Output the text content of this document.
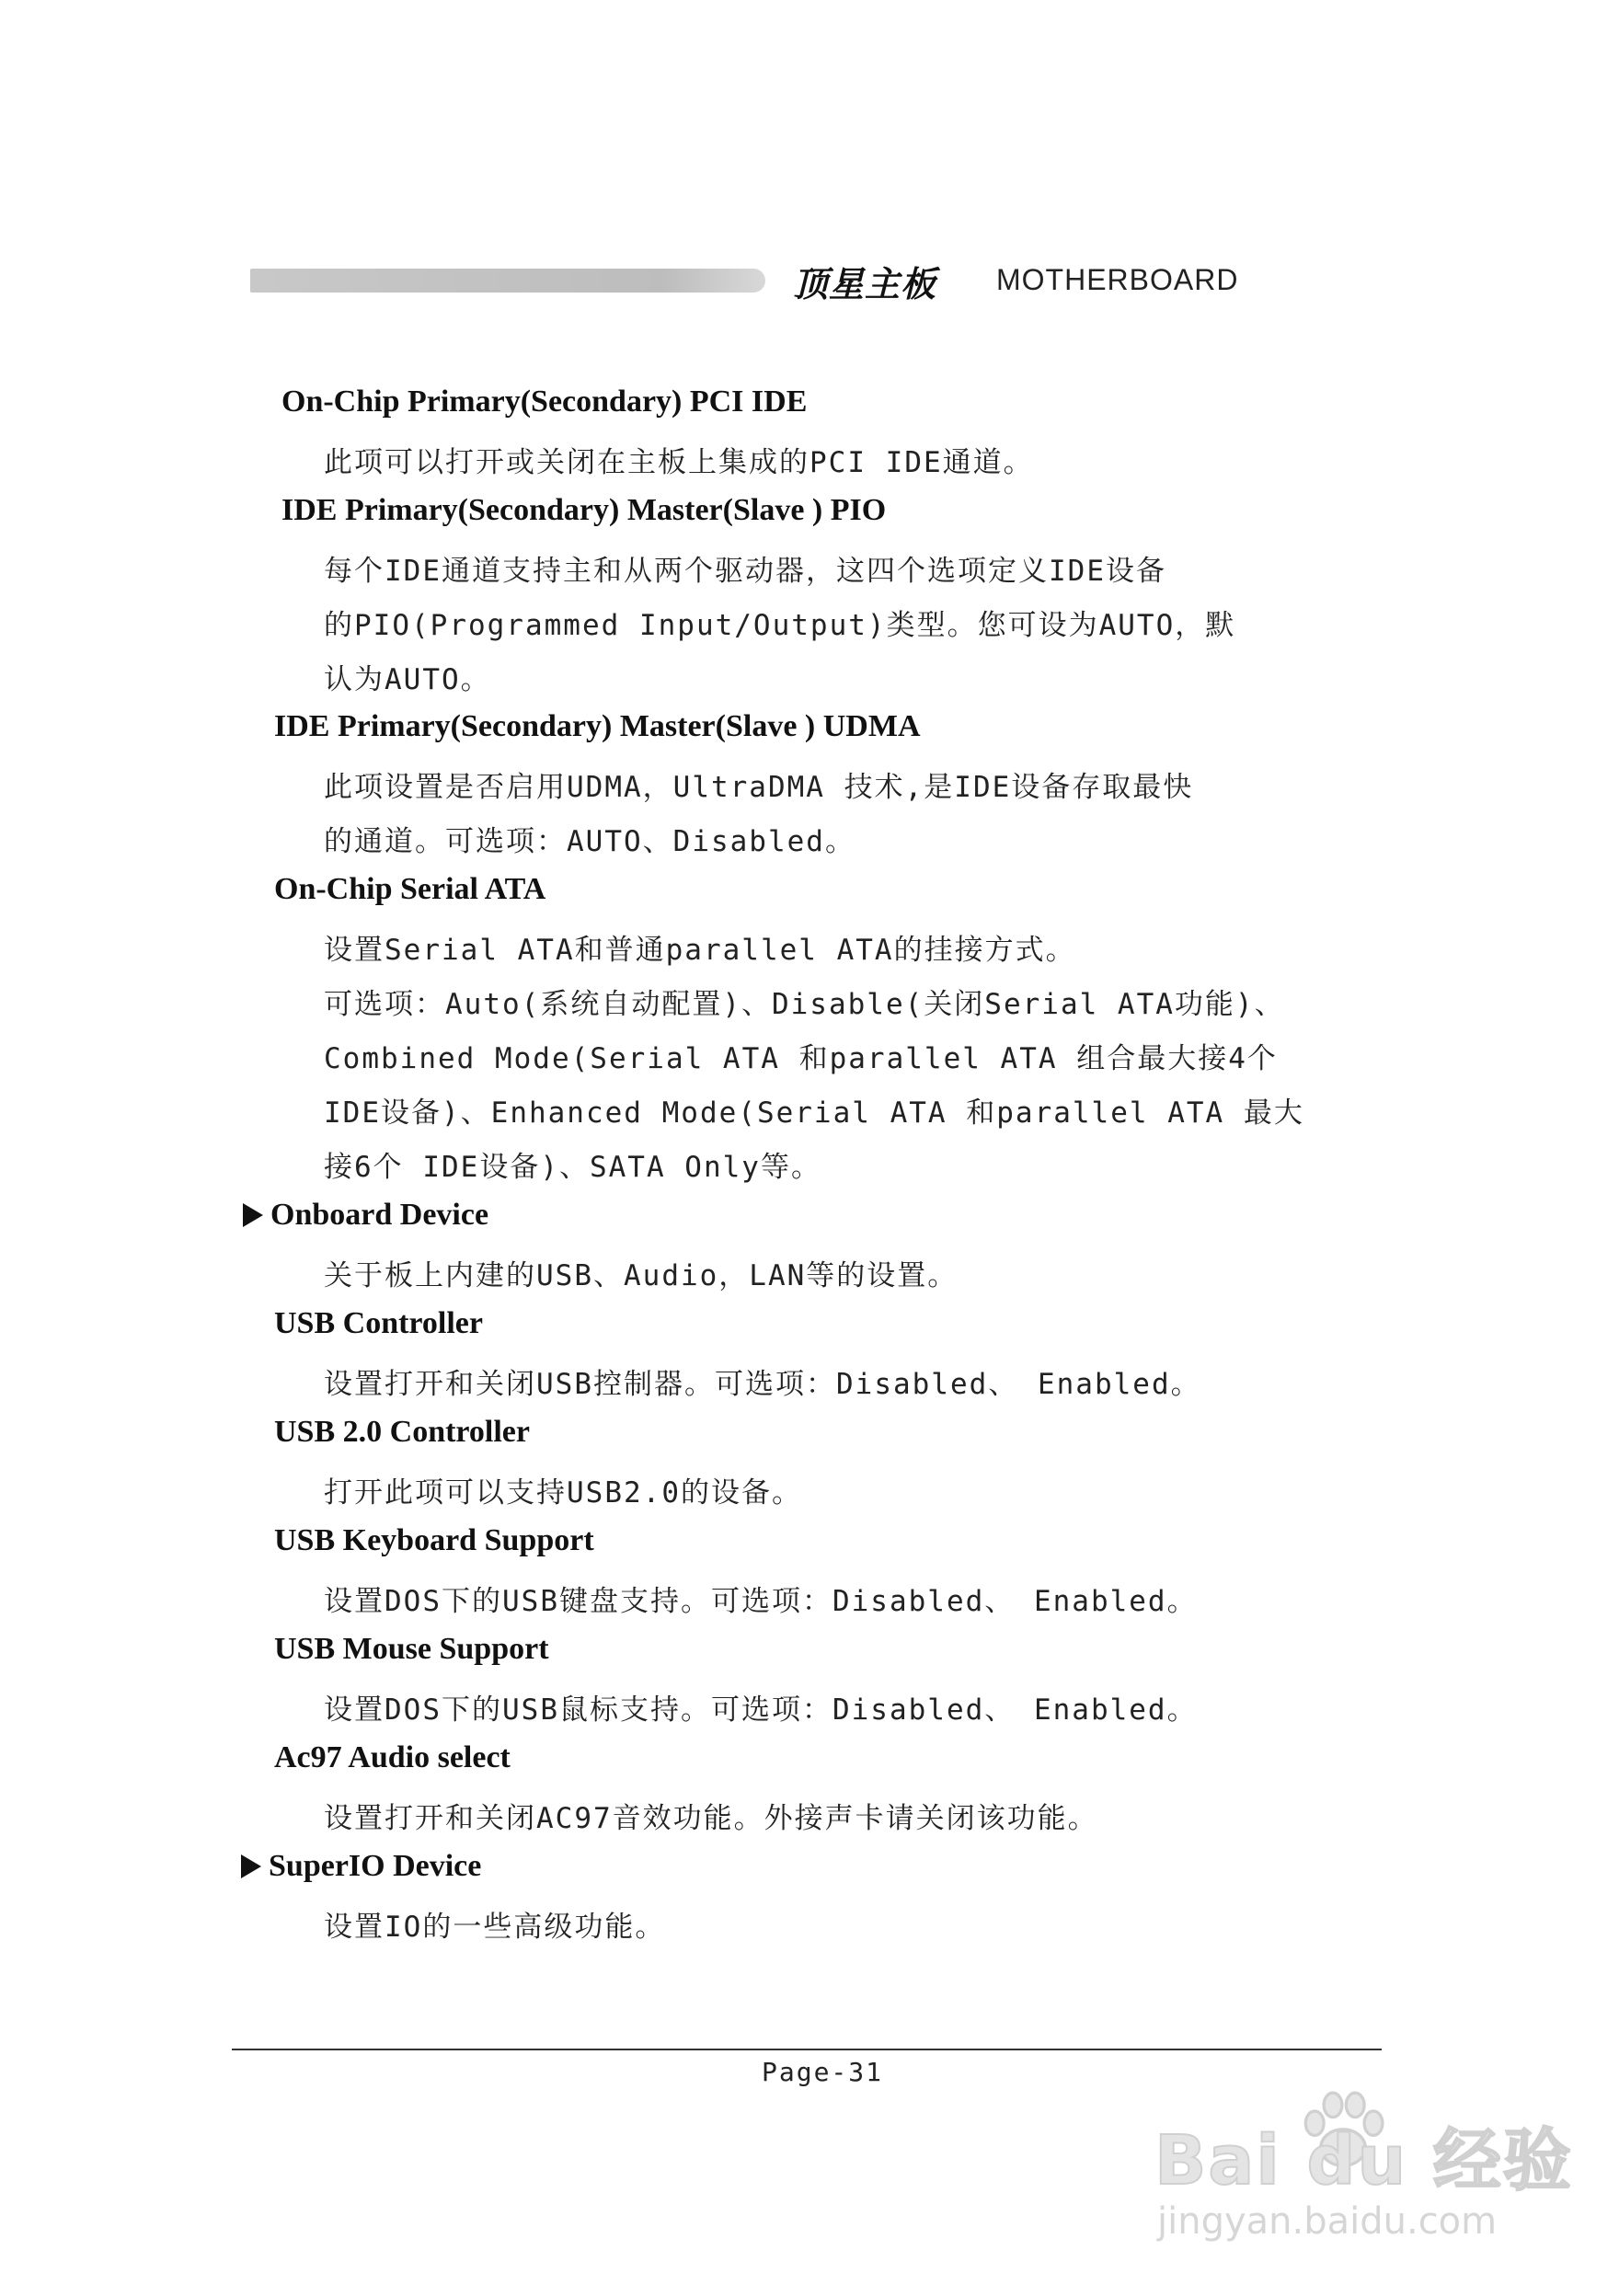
顶星主板 MOTHERBOARD
On-Chip Primary(Secondary) PCI IDE
此项可以打开或关闭在主板上集成的PCI IDE通道。
IDE Primary(Secondary) Master(Slave ) PIO
每个IDE通道支持主和从两个驱动器，这四个选项定义IDE设备
的PIO(Programmed Input/Output)类型。您可设为AUTO，默
认为AUTO。
IDE Primary(Secondary) Master(Slave ) UDMA
此项设置是否启用UDMA，UltraDMA 技术,是IDE设备存取最快
的通道。可选项：AUTO、Disabled。
On-Chip Serial ATA
设置Serial ATA和普通parallel ATA的挂接方式。
可选项：Auto(系统自动配置)、Disable(关闭Serial ATA功能)、
Combined Mode(Serial ATA 和parallel ATA 组合最大接4个
IDE设备)、Enhanced Mode(Serial ATA 和parallel ATA 最大
接6个 IDE设备)、SATA Only等。
Onboard Device
关于板上内建的USB、Audio，LAN等的设置。
USB Controller
设置打开和关闭USB控制器。可选项：Disabled、 Enabled。
USB 2.0 Controller
打开此项可以支持USB2.0的设备。
USB Keyboard Support
设置DOS下的USB键盘支持。可选项：Disabled、 Enabled。
USB Mouse Support
设置DOS下的USB鼠标支持。可选项：Disabled、 Enabled。
Ac97 Audio select
设置打开和关闭AC97音效功能。外接声卡请关闭该功能。
SuperIO Device
设置IO的一些高级功能。
Page-31
Bai du 经验
jingyan.baidu.com
